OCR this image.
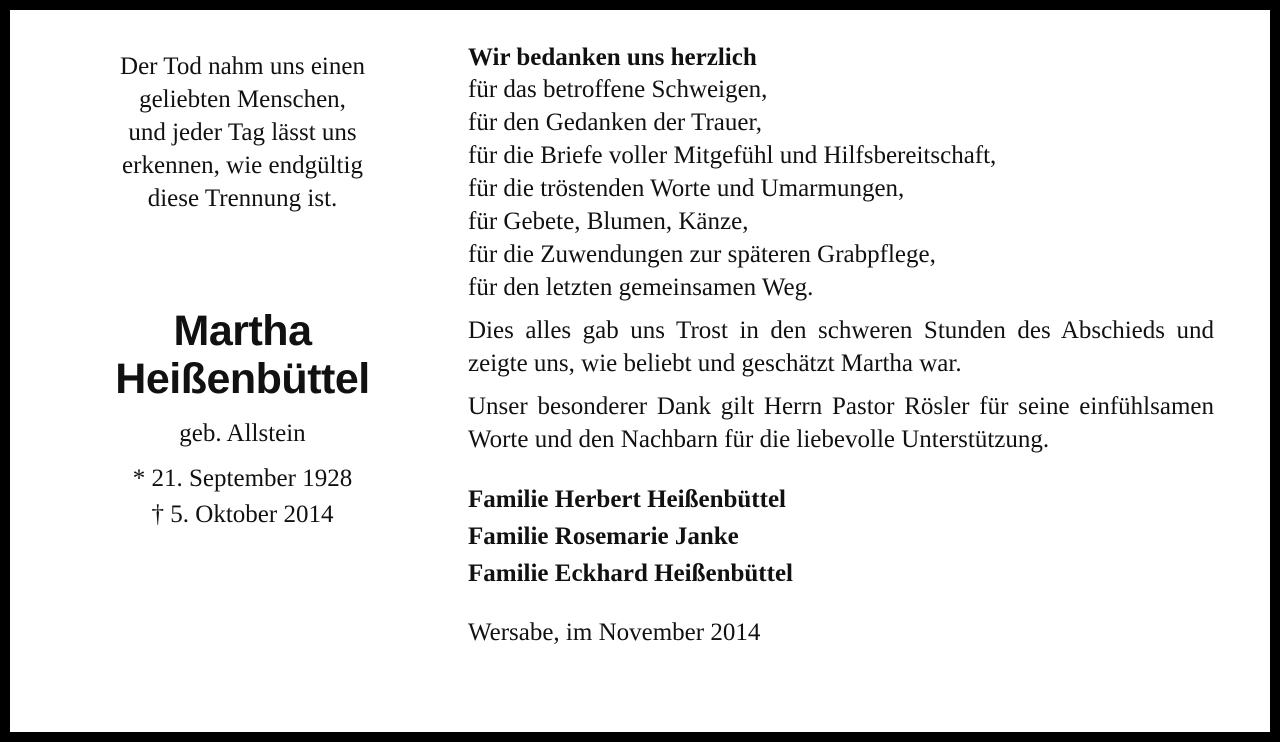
Der Tod nahm uns einen
geliebten Menschen,
und jeder Tag lässt uns
erkennen, wie endgültig
diese Trennung ist.
Martha
Heißenbüttel
geb. Allstein
* 21. September 1928
† 5. Oktober 2014
Wir bedanken uns herzlich
für das betroffene Schweigen,
für den Gedanken der Trauer,
für die Briefe voller Mitgefühl und Hilfsbereitschaft,
für die tröstenden Worte und Umarmungen,
für Gebete, Blumen, Känze,
für die Zuwendungen zur späteren Grabpflege,
für den letzten gemeinsamen Weg.
Dies alles gab uns Trost in den schweren Stunden des Abschieds und zeigte uns, wie beliebt und geschätzt Martha war.
Unser besonderer Dank gilt Herrn Pastor Rösler für seine einfühlsamen Worte und den Nachbarn für die liebevolle Unterstützung.
Familie Herbert Heißenbüttel
Familie Rosemarie Janke
Familie Eckhard Heißenbüttel
Wersabe, im November 2014
